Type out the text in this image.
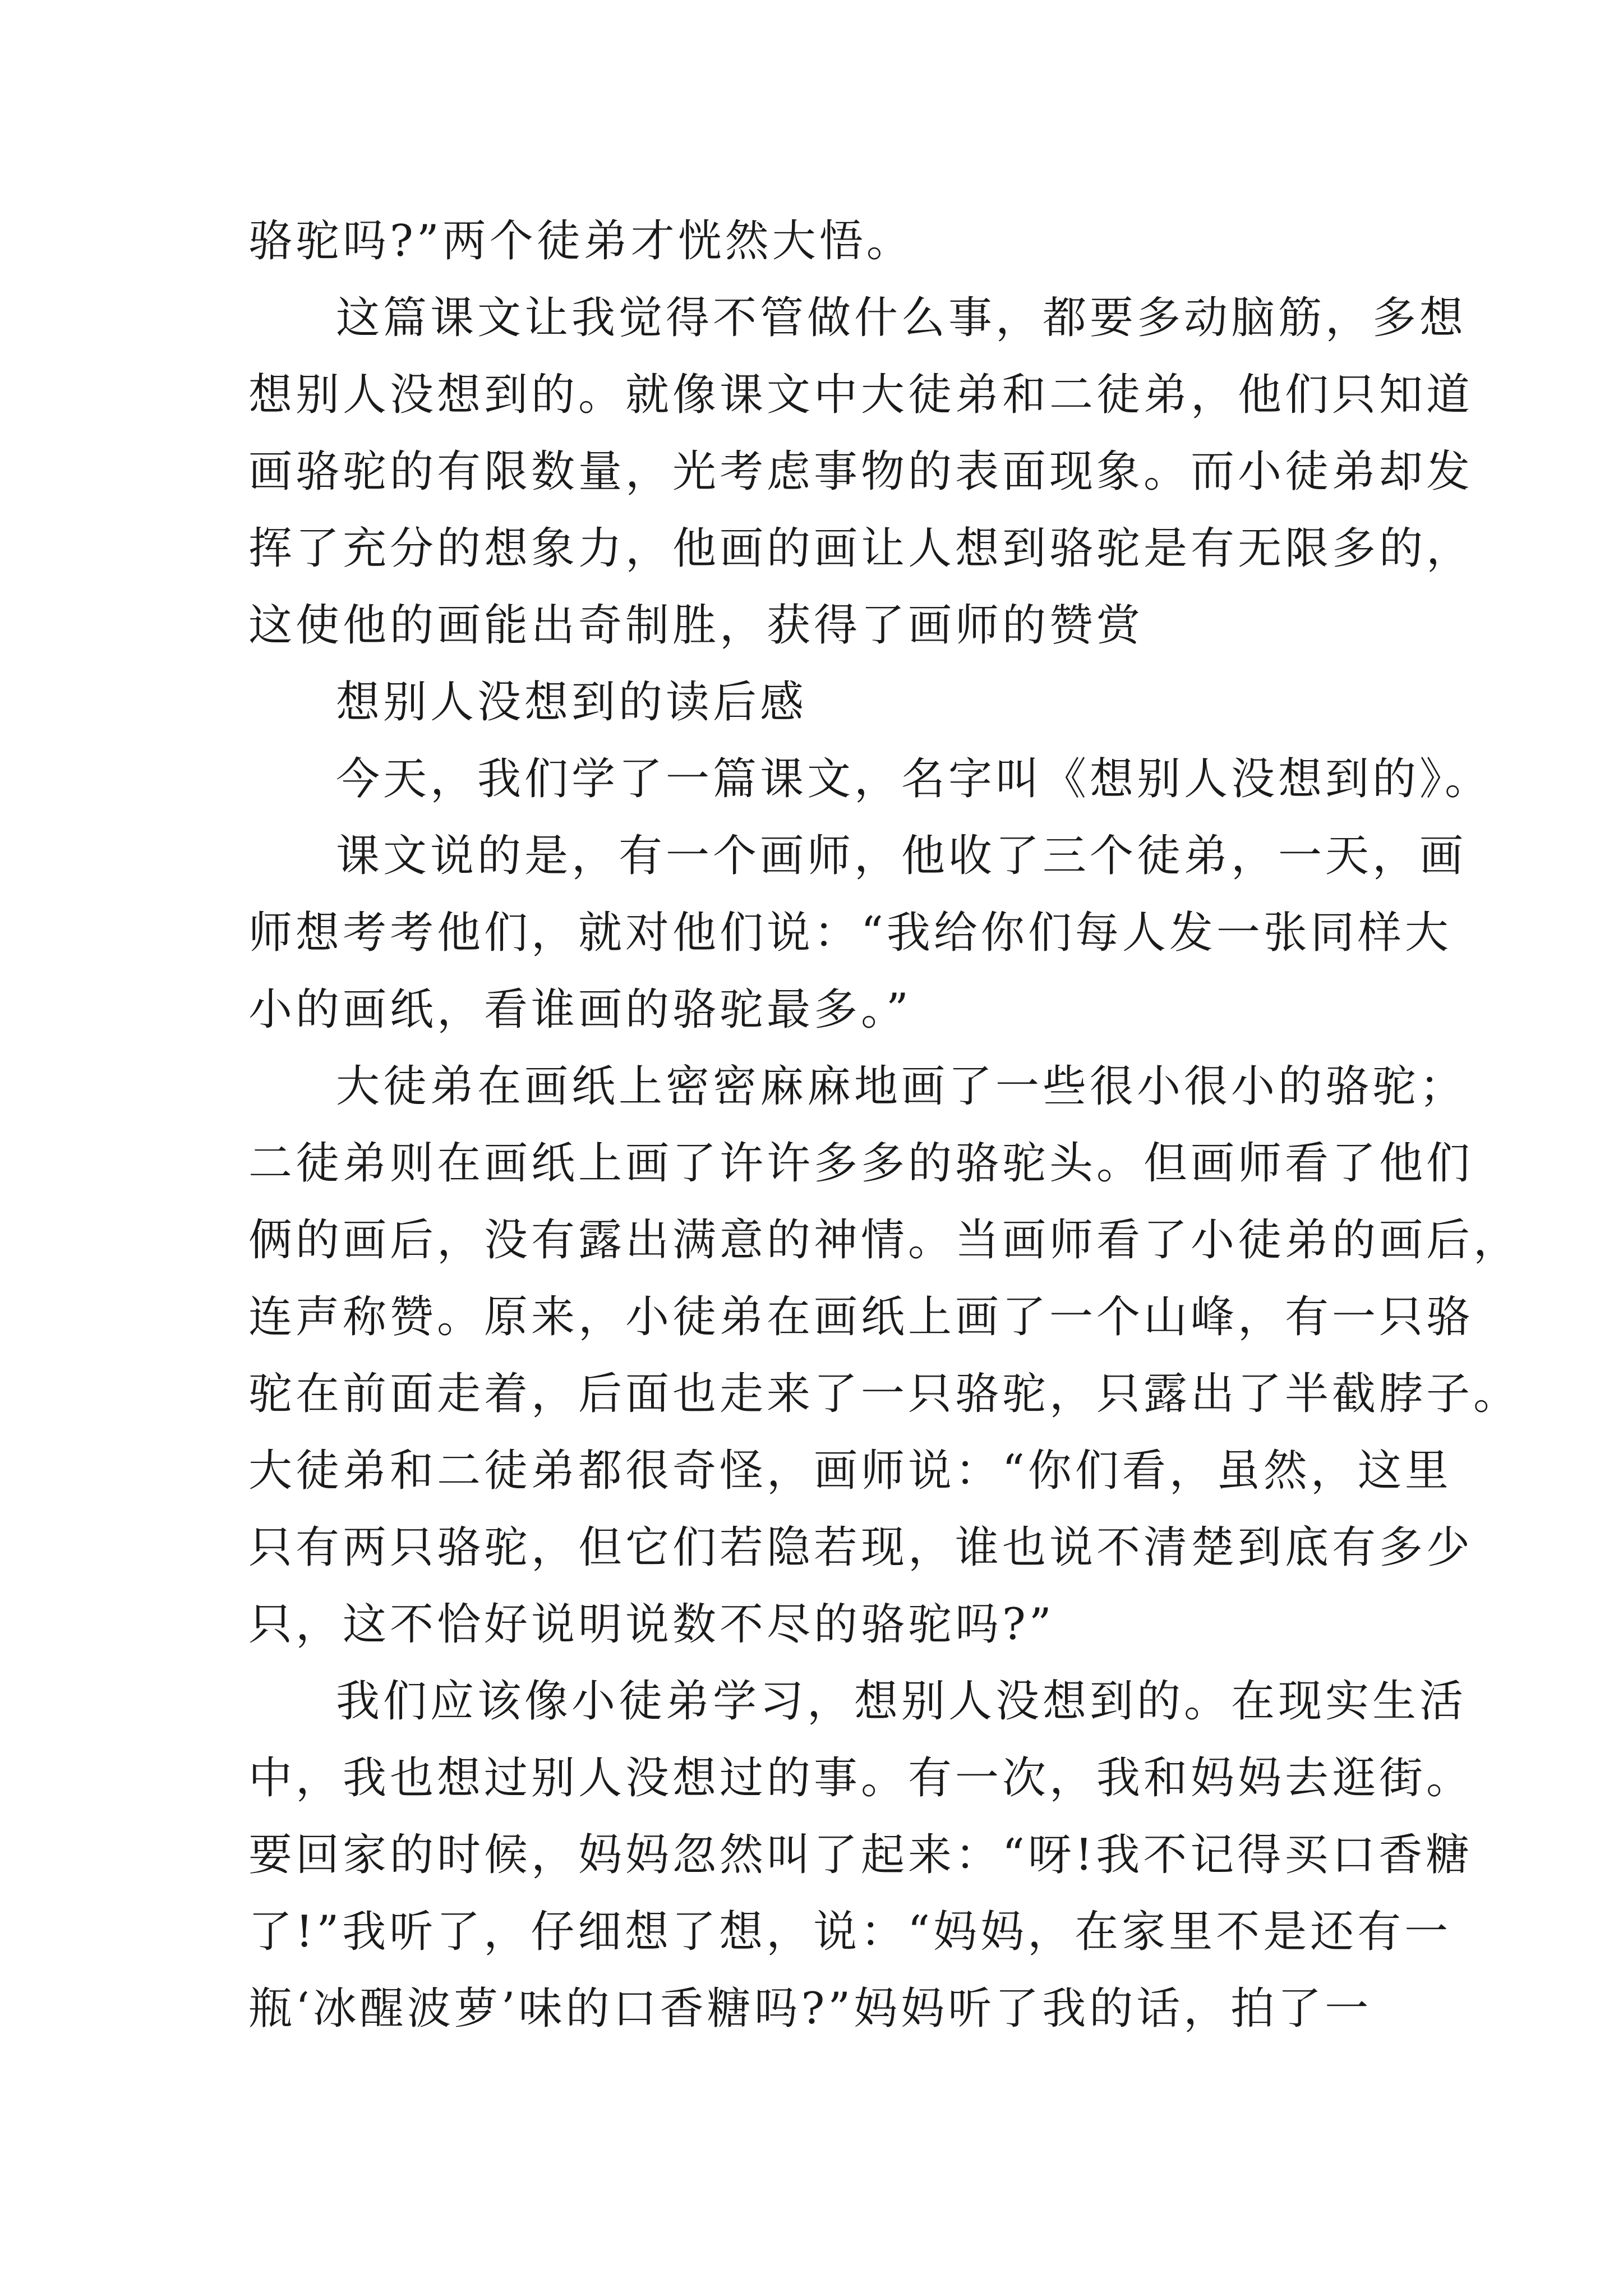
骆驼吗?”两个徒弟才恍然大悟。
这篇课文让我觉得不管做什么事，都要多动脑筋，多想
想别人没想到的。就像课文中大徒弟和二徒弟，他们只知道
画骆驼的有限数量，光考虑事物的表面现象。而小徒弟却发
挥了充分的想象力，他画的画让人想到骆驼是有无限多的，
这使他的画能出奇制胜，获得了画师的赞赏
想别人没想到的读后感
今天，我们学了一篇课文，名字叫《想别人没想到的》。
课文说的是，有一个画师，他收了三个徒弟，一天，画
师想考考他们，就对他们说：“我给你们每人发一张同样大
小的画纸，看谁画的骆驼最多。”
大徒弟在画纸上密密麻麻地画了一些很小很小的骆驼；
二徒弟则在画纸上画了许许多多的骆驼头。但画师看了他们
俩的画后，没有露出满意的神情。当画师看了小徒弟的画后，
连声称赞。原来，小徒弟在画纸上画了一个山峰，有一只骆
驼在前面走着，后面也走来了一只骆驼，只露出了半截脖子。
大徒弟和二徒弟都很奇怪，画师说：“你们看，虽然，这里
只有两只骆驼，但它们若隐若现，谁也说不清楚到底有多少
只，这不恰好说明说数不尽的骆驼吗?”
我们应该像小徒弟学习，想别人没想到的。在现实生活
中，我也想过别人没想过的事。有一次，我和妈妈去逛街。
要回家的时候，妈妈忽然叫了起来：“呀!我不记得买口香糖
了!”我听了，仔细想了想，说：“妈妈，在家里不是还有一
瓶‘冰醒波萝’味的口香糖吗?”妈妈听了我的话，拍了一
